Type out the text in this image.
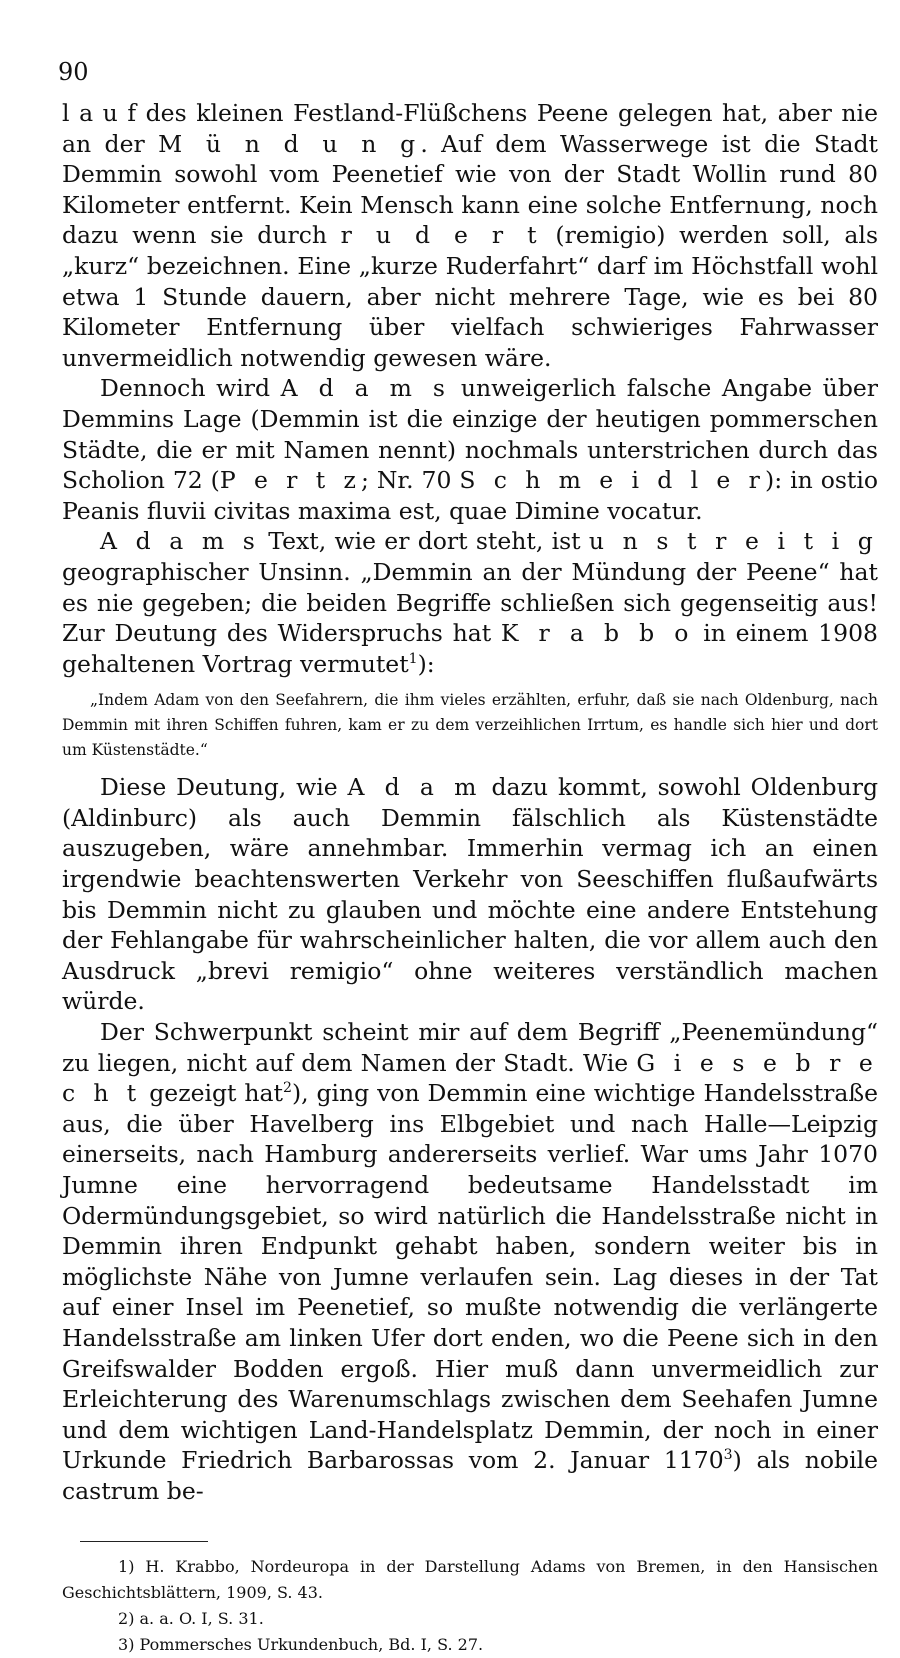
90

l a u f des kleinen Festland-Flüßchens Peene gelegen hat, aber nie an der M ü n d u n g. Auf dem Wasserwege ist die Stadt Demmin sowohl vom Peenetief wie von der Stadt Wollin rund 80 Kilometer entfernt. Kein Mensch kann eine solche Entfernung, noch dazu wenn sie durch r u d e r t (remigio) werden soll, als „kurz“ bezeichnen. Eine „kurze Ruderfahrt“ darf im Höchstfall wohl etwa 1 Stunde dauern, aber nicht mehrere Tage, wie es bei 80 Kilometer Entfernung über vielfach schwieriges Fahrwasser unvermeidlich notwendig gewesen wäre.

Dennoch wird A d a m s unweigerlich falsche Angabe über Demmins Lage (Demmin ist die einzige der heutigen pommerschen Städte, die er mit Namen nennt) nochmals unterstrichen durch das Scholion 72 (P e r t z; Nr. 70 S c h m e i d l e r): in ostio Peanis fluvii civitas maxima est, quae Dimine vocatur.

A d a m s Text, wie er dort steht, ist u n s t r e i t i g geographischer Unsinn. „Demmin an der Mündung der Peene“ hat es nie gegeben; die beiden Begriffe schließen sich gegenseitig aus! Zur Deutung des Widerspruchs hat K r a b b o in einem 1908 gehaltenen Vortrag vermutet$^1$):

„Indem Adam von den Seefahrern, die ihm vieles erzählten, erfuhr, daß sie nach Oldenburg, nach Demmin mit ihren Schiffen fuhren, kam er zu dem verzeihlichen Irrtum, es handle sich hier und dort um Küstenstädte.“

Diese Deutung, wie A d a m dazu kommt, sowohl Oldenburg (Aldinburc) als auch Demmin fälschlich als Küstenstädte auszugeben, wäre annehmbar. Immerhin vermag ich an einen irgendwie beachtenswerten Verkehr von Seeschiffen flußaufwärts bis Demmin nicht zu glauben und möchte eine andere Entstehung der Fehlangabe für wahrscheinlicher halten, die vor allem auch den Ausdruck „brevi remigio“ ohne weiteres verständlich machen würde.

Der Schwerpunkt scheint mir auf dem Begriff „Peenemündung“ zu liegen, nicht auf dem Namen der Stadt. Wie G i e s e b r e c h t gezeigt hat$^2$), ging von Demmin eine wichtige Handelsstraße aus, die über Havelberg ins Elbgebiet und nach Halle—Leipzig einerseits, nach Hamburg andererseits verlief. War ums Jahr 1070 Jumne eine hervorragend bedeutsame Handelsstadt im Odermündungsgebiet, so wird natürlich die Handelsstraße nicht in Demmin ihren Endpunkt gehabt haben, sondern weiter bis in möglichste Nähe von Jumne verlaufen sein. Lag dieses in der Tat auf einer Insel im Peenetief, so mußte notwendig die verlängerte Handelsstraße am linken Ufer dort enden, wo die Peene sich in den Greifswalder Bodden ergoß. Hier muß dann unvermeidlich zur Erleichterung des Warenumschlags zwischen dem Seehafen Jumne und dem wichtigen Land-Handelsplatz Demmin, der noch in einer Urkunde Friedrich Barbarossas vom 2. Januar 1170$^3$) als nobile castrum be-

1) H. Krabbo, Nordeuropa in der Darstellung Adams von Bremen, in den Hansischen Geschichtsblättern, 1909, S. 43.

2) a. a. O. I, S. 31.

3) Pommersches Urkundenbuch, Bd. I, S. 27.
